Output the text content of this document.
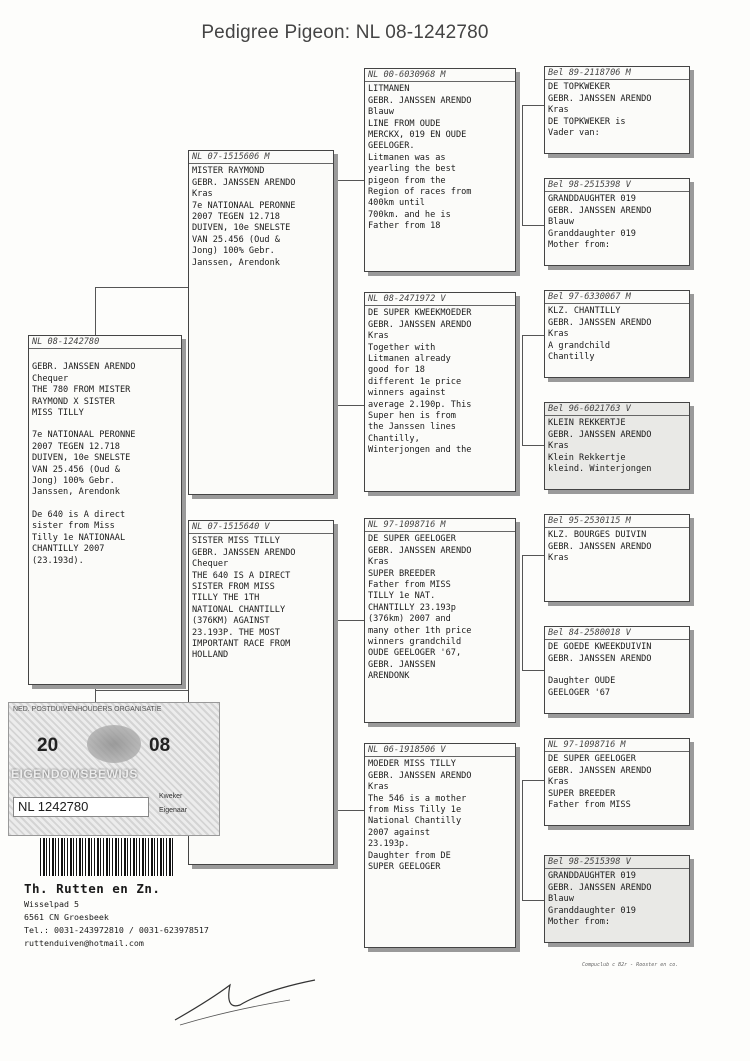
Pedigree Pigeon: NL 08-1242780
NL 08-1242780
GEBR. JANSSEN ARENDO
Chequer
THE 780 FROM MISTER
RAYMOND X SISTER
MISS TILLY
7e NATIONAAL PERONNE
2007 TEGEN 12.718
DUIVEN, 10e SNELSTE
VAN 25.456 (Oud &
Jong) 100% Gebr.
Janssen, Arendonk
De 640 is A direct
sister from Miss
Tilly 1e NATIONAAL
CHANTILLY 2007
(23.193d).
NL 07-1515606 M
MISTER RAYMOND
GEBR. JANSSEN ARENDO
Kras
7e NATIONAAL PERONNE
2007 TEGEN 12.718
DUIVEN, 10e SNELSTE
VAN 25.456 (Oud &
Jong) 100% Gebr.
Janssen, Arendonk
NL 07-1515640 V
SISTER MISS TILLY
GEBR. JANSSEN ARENDO
Chequer
THE 640 IS A DIRECT
SISTER FROM MISS
TILLY THE 1TH
NATIONAL CHANTILLY
(376KM) AGAINST
23.193P. THE MOST
IMPORTANT RACE FROM
HOLLAND
NL 00-6030968 M
LITMANEN
GEBR. JANSSEN ARENDO
Blauw
LINE FROM OUDE
MERCKX, 019 EN OUDE
GEELOGER.
Litmanen was as
yearling the best
pigeon from the
Region of races from
400km until
700km. and he is
Father from 18
NL 08-2471972 V
DE SUPER KWEEKMOEDER
GEBR. JANSSEN ARENDO
Kras
Together with
Litmanen already
good for 18
different 1e price
winners against
average 2.190p. This
Super hen is from
the Janssen lines
Chantilly,
Winterjongen and the
NL 97-1098716 M
DE SUPER GEELOGER
GEBR. JANSSEN ARENDO
Kras
SUPER BREEDER
Father from MISS
TILLY 1e NAT.
CHANTILLY 23.193p
(376km) 2007 and
many other 1th price
winners grandchild
OUDE GEELOGER '67,
GEBR. JANSSEN
ARENDONK
NL 06-1918506 V
MOEDER MISS TILLY
GEBR. JANSSEN ARENDO
Kras
The 546 is a mother
from Miss Tilly 1e
National Chantilly
2007 against
23.193p.
Daughter from DE
SUPER GEELOGER
Bel 89-2118706 M
DE TOPKWEKER
GEBR. JANSSEN ARENDO
Kras
DE TOPKWEKER is
Vader van:
Bel 98-2515398 V
GRANDDAUGHTER 019
GEBR. JANSSEN ARENDO
Blauw
Granddaughter 019
Mother from:
Bel 97-6330067 M
KLZ. CHANTILLY
GEBR. JANSSEN ARENDO
Kras
A grandchild
Chantilly
Bel 96-6021763 V
KLEIN REKKERTJE
GEBR. JANSSEN ARENDO
Kras
Klein Rekkertje
kleind. Winterjongen
Bel 95-2530115 M
KLZ. BOURGES DUIVIN
GEBR. JANSSEN ARENDO
Kras
Bel 84-2580018 V
DE GOEDE KWEEKDUIVIN
GEBR. JANSSEN ARENDO
Daughter OUDE
GEELOGER '67
NL 97-1098716 M
DE SUPER GEELOGER
GEBR. JANSSEN ARENDO
Kras
SUPER BREEDER
Father from MISS
Bel 98-2515398 V
GRANDDAUGHTER 019
GEBR. JANSSEN ARENDO
Blauw
Granddaughter 019
Mother from:
NED. POSTDUIVENHOUDERS ORGANISATIE
20	08
EIGENDOMSBEWIJS
NL 1242780
Kweker
Eigenaar
Th. Rutten en Zn.
Wisselpad 5
6561 CN Groesbeek
Tel.: 0031-243972810 / 0031-623978517
ruttenduiven@hotmail.com
Compuclub c B2r - Rooster en co.
